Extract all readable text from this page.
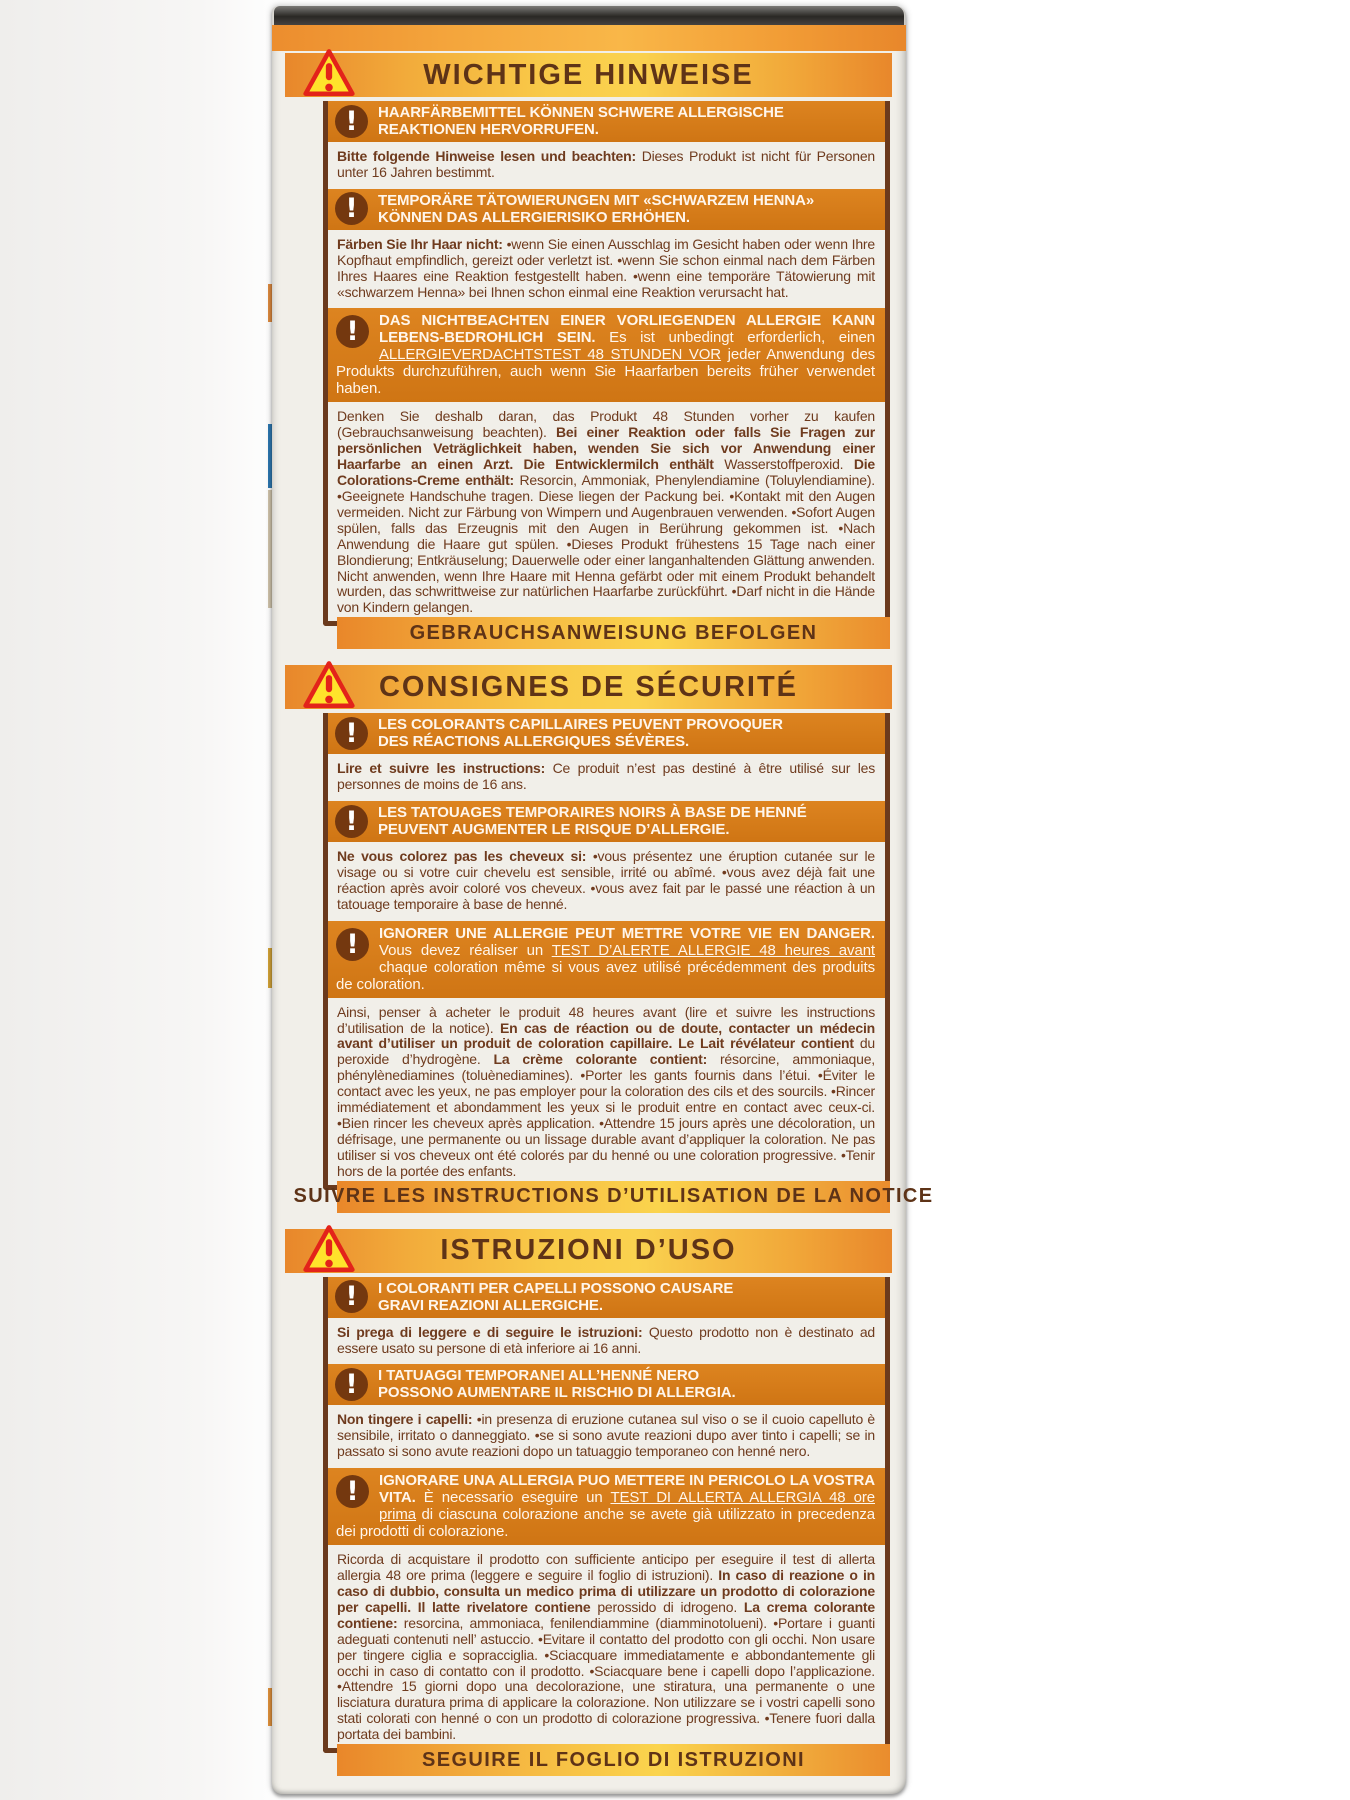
WICHTIGE HINWEISE
!	HAARFÄRBEMITTEL KÖNNEN SCHWERE ALLERGISCHE
REAKTIONEN HERVORRUFEN.

Bitte folgende Hinweise lesen und beachten: Dieses Produkt ist nicht für Personen unter 16 Jahren bestimmt.

!	TEMPORÄRE TÄTOWIERUNGEN MIT «SCHWARZEM HENNA»
KÖNNEN DAS ALLERGIERISIKO ERHÖHEN.

Färben Sie Ihr Haar nicht: •wenn Sie einen Ausschlag im Gesicht haben oder wenn Ihre Kopfhaut empfindlich, gereizt oder verletzt ist. •wenn Sie schon einmal nach dem Färben Ihres Haares eine Reaktion festgestellt haben. •wenn eine temporäre Tätowierung mit «schwarzem Henna» bei Ihnen schon einmal eine Reaktion verursacht hat.

!	DAS NICHTBEACHTEN EINER VORLIEGENDEN ALLERGIE KANN LEBENS-BEDROHLICH SEIN. Es ist unbedingt erforderlich, einen ALLERGIEVERDACHTSTEST 48 STUNDEN VOR jeder Anwendung des Produkts durchzuführen, auch wenn Sie Haarfarben bereits früher verwendet haben.

Denken Sie deshalb daran, das Produkt 48 Stunden vorher zu kaufen (Gebrauchsanweisung beachten). Bei einer Reaktion oder falls Sie Fragen zur persönlichen Veträglichkeit haben, wenden Sie sich vor Anwendung einer Haarfarbe an einen Arzt. Die Entwicklermilch enthält Wasserstoffperoxid. Die Colorations-Creme enthält: Resorcin, Ammoniak, Phenylendiamine (Toluylendiamine). •Geeignete Handschuhe tragen. Diese liegen der Packung bei. •Kontakt mit den Augen vermeiden. Nicht zur Färbung von Wimpern und Augenbrauen verwenden. •Sofort Augen spülen, falls das Erzeugnis mit den Augen in Berührung gekommen ist. •Nach Anwendung die Haare gut spülen. •Dieses Produkt frühestens 15 Tage nach einer Blondierung; Entkräuselung; Dauerwelle oder einer langanhaltenden Glättung anwenden. Nicht anwenden, wenn Ihre Haare mit Henna gefärbt oder mit einem Produkt behandelt wurden, das schwrittweise zur natürlichen Haarfarbe zurückführt. •Darf nicht in die Hände von Kindern gelangen.

GEBRAUCHSANWEISUNG BEFOLGEN
CONSIGNES DE SÉCURITÉ
!	LES COLORANTS CAPILLAIRES PEUVENT PROVOQUER
DES RÉACTIONS ALLERGIQUES SÉVÈRES.

Lire et suivre les instructions: Ce produit n’est pas destiné à être utilisé sur les personnes de moins de 16 ans.

!	LES TATOUAGES TEMPORAIRES NOIRS À BASE DE HENNÉ
PEUVENT AUGMENTER LE RISQUE D’ALLERGIE.

Ne vous colorez pas les cheveux si: •vous présentez une éruption cutanée sur le visage ou si votre cuir chevelu est sensible, irrité ou abîmé. •vous avez déjà fait une réaction après avoir coloré vos cheveux. •vous avez fait par le passé une réaction à un tatouage temporaire à base de henné.

!	IGNORER UNE ALLERGIE PEUT METTRE VOTRE VIE EN DANGER. Vous devez réaliser un TEST D’ALERTE ALLERGIE 48 heures avant chaque coloration même si vous avez utilisé précédemment des produits de coloration.

Ainsi, penser à acheter le produit 48 heures avant (lire et suivre les instructions d’utilisation de la notice). En cas de réaction ou de doute, contacter un médecin avant d’utiliser un produit de coloration capillaire. Le Lait révélateur contient du peroxide d’hydrogène. La crème colorante contient: résorcine, ammoniaque, phénylènediamines (toluènediamines). •Porter les gants fournis dans l’étui. •Éviter le contact avec les yeux, ne pas employer pour la coloration des cils et des sourcils. •Rincer immédiatement et abondamment les yeux si le produit entre en contact avec ceux-ci. •Bien rincer les cheveux après application. •Attendre 15 jours après une décoloration, un défrisage, une permanente ou un lissage durable avant d’appliquer la coloration. Ne pas utiliser si vos cheveux ont été colorés par du henné ou une coloration progressive. •Tenir hors de la portée des enfants.

SUIVRE LES INSTRUCTIONS D’UTILISATION DE LA NOTICE
ISTRUZIONI D’USO
!	I COLORANTI PER CAPELLI POSSONO CAUSARE
GRAVI REAZIONI ALLERGICHE.

Si prega di leggere e di seguire le istruzioni: Questo prodotto non è destinato ad essere usato su persone di età inferiore ai 16 anni.

!	I TATUAGGI TEMPORANEI ALL’HENNÉ NERO
POSSONO AUMENTARE IL RISCHIO DI ALLERGIA.

Non tingere i capelli: •in presenza di eruzione cutanea sul viso o se il cuoio capelluto è sensibile, irritato o danneggiato. •se si sono avute reazioni dupo aver tinto i capelli; se in passato si sono avute reazioni dopo un tatuaggio temporaneo con henné nero.

!	IGNORARE UNA ALLERGIA PUO METTERE IN PERICOLO LA VOSTRA VITA. È necessario eseguire un TEST DI ALLERTA ALLERGIA 48 ore prima di ciascuna colorazione anche se avete già utilizzato in precedenza dei prodotti di colorazione.

Ricorda di acquistare il prodotto con sufficiente anticipo per eseguire il test di allerta allergia 48 ore prima (leggere e seguire il foglio di istruzioni). In caso di reazione o in caso di dubbio, consulta un medico prima di utilizzare un prodotto di colorazione per capelli. Il latte rivelatore contiene perossido di idrogeno. La crema colorante contiene: resorcina, ammoniaca, fenilendiammine (diamminotolueni). •Portare i guanti adeguati contenuti nell’ astuccio. •Evitare il contatto del prodotto con gli occhi. Non usare per tingere ciglia e sopracciglia. •Sciacquare immediatamente e abbondantemente gli occhi in caso di contatto con il prodotto. •Sciacquare bene i capelli dopo l’applicazione. •Attendre 15 giorni dopo una decolorazione, une stiratura, una permanente o une lisciatura duratura prima di applicare la colorazione. Non utilizzare se i vostri capelli sono stati colorati con henné o con un prodotto di colorazione progressiva. •Tenere fuori dalla portata dei bambini.

SEGUIRE IL FOGLIO DI ISTRUZIONI
